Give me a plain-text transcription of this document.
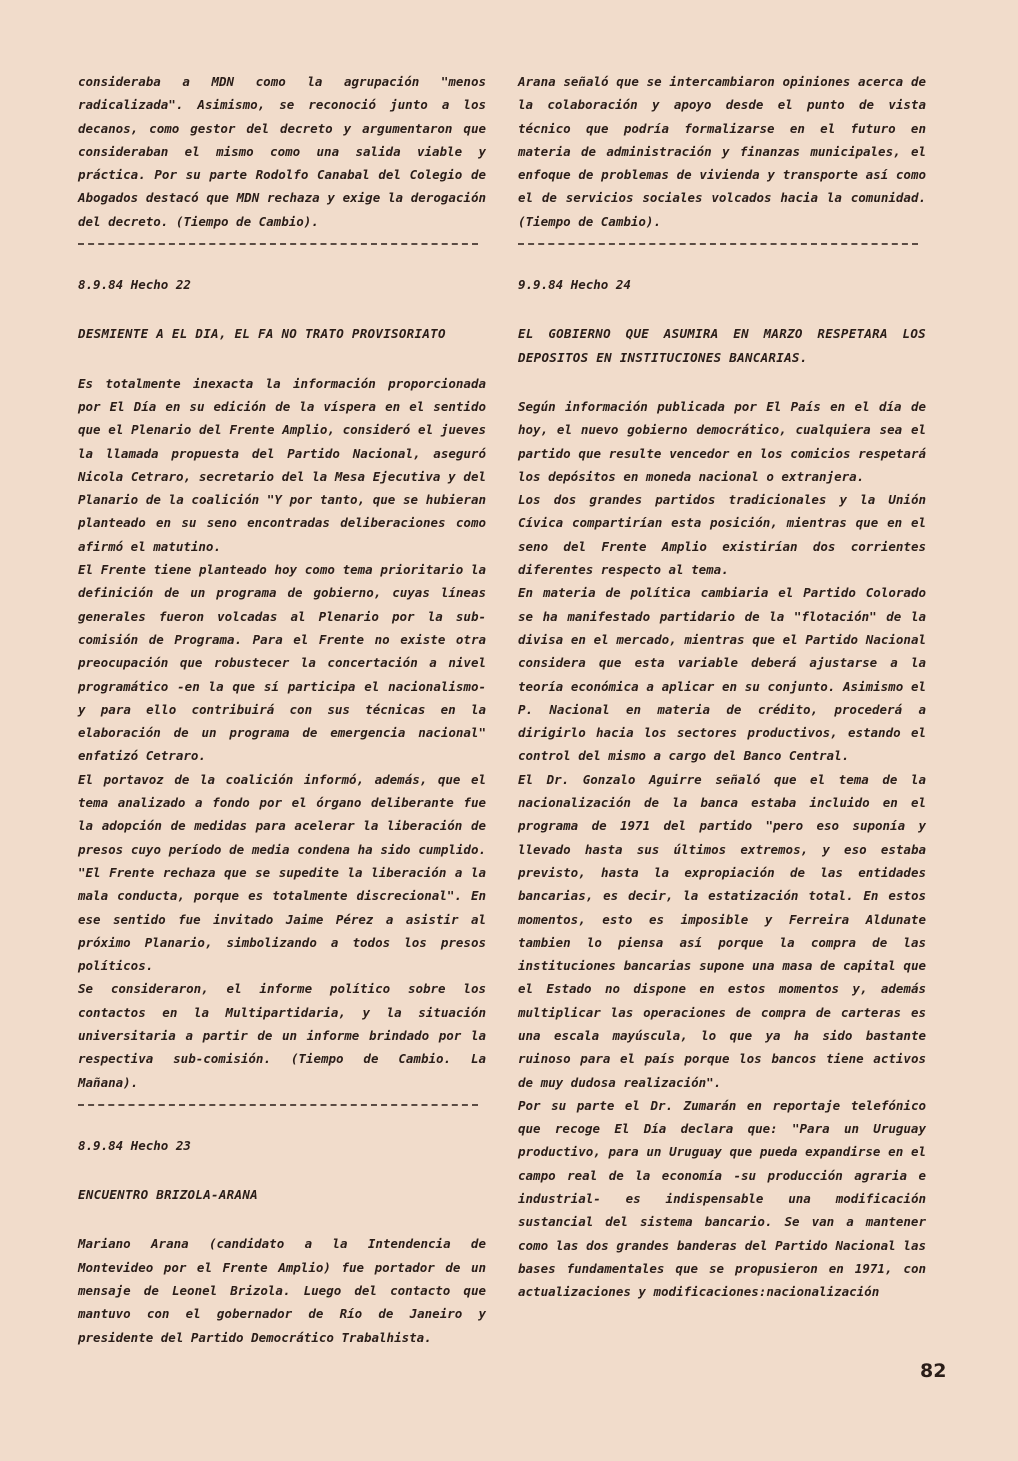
consideraba a MDN como la agrupación "menos radicalizada". Asimismo, se reconoció junto a los decanos, como gestor del decreto y argumentaron que consideraban el mismo como una salida viable y práctica. Por su parte Rodolfo Canabal del Colegio de Abogados destacó que MDN rechaza y exige la derogación del decreto. (Tiempo de Cambio).

8.9.84 Hecho 22
DESMIENTE A EL DIA, EL FA NO TRATO PROVISORIATO

Es totalmente inexacta la información proporcionada por El Día en su edición de la víspera en el sentido que el Plenario del Frente Amplio, consideró el jueves la llamada propuesta del Partido Nacional, aseguró Nicola Cetraro, secretario del la Mesa Ejecutiva y del Planario de la coalición "Y por tanto, que se hubieran planteado en su seno encontradas deliberaciones como afirmó el matutino.

El Frente tiene planteado hoy como tema prioritario la definición de un programa de gobierno, cuyas líneas generales fueron volcadas al Plenario por la sub-comisión de Programa. Para el Frente no existe otra preocupación que robustecer la concertación a nivel programático -en la que sí participa el nacionalismo- y para ello contribuirá con sus técnicas en la elaboración de un programa de emergencia nacional" enfatizó Cetraro.

El portavoz de la coalición informó, además, que el tema analizado a fondo por el órgano deliberante fue la adopción de medidas para acelerar la liberación de presos cuyo período de media condena ha sido cumplido. "El Frente rechaza que se supedite la liberación a la mala conducta, porque es totalmente discrecional". En ese sentido fue invitado Jaime Pérez a asistir al próximo Planario, simbolizando a todos los presos políticos.

Se consideraron, el informe político sobre los contactos en la Multipartidaria, y la situación universitaria a partir de un informe brindado por la respectiva sub-comisión. (Tiempo de Cambio. La Mañana).

8.9.84 Hecho 23
ENCUENTRO BRIZOLA-ARANA

Mariano Arana (candidato a la Intendencia de Montevideo por el Frente Amplio) fue portador de un mensaje de Leonel Brizola. Luego del contacto que mantuvo con el gobernador de Río de Janeiro y presidente del Partido Democrático Trabalhista.

Arana señaló que se intercambiaron opiniones acerca de la colaboración y apoyo desde el punto de vista técnico que podría formalizarse en el futuro en materia de administración y finanzas municipales, el enfoque de problemas de vivienda y transporte así como el de servicios sociales volcados hacia la comunidad. (Tiempo de Cambio).

9.9.84 Hecho 24
EL GOBIERNO QUE ASUMIRA EN MARZO RESPETARA LOS DEPOSITOS EN INSTITUCIONES BANCARIAS.

Según información publicada por El País en el día de hoy, el nuevo gobierno democrático, cualquiera sea el partido que resulte vencedor en los comicios respetará los depósitos en moneda nacional o extranjera.

Los dos grandes partidos tradicionales y la Unión Cívica compartirían esta posición, mientras que en el seno del Frente Amplio existirían dos corrientes diferentes respecto al tema.

En materia de política cambiaria el Partido Colorado se ha manifestado partidario de la "flotación" de la divisa en el mercado, mientras que el Partido Nacional considera que esta variable deberá ajustarse a la teoría económica a aplicar en su conjunto. Asimismo el P. Nacional en materia de crédito, procederá a dirigirlo hacia los sectores productivos, estando el control del mismo a cargo del Banco Central.

El Dr. Gonzalo Aguirre señaló que el tema de la nacionalización de la banca estaba incluido en el programa de 1971 del partido "pero eso suponía y llevado hasta sus últimos extremos, y eso estaba previsto, hasta la expropiación de las entidades bancarias, es decir, la estatización total. En estos momentos, esto es imposible y Ferreira Aldunate tambien lo piensa así porque la compra de las instituciones bancarias supone una masa de capital que el Estado no dispone en estos momentos y, además multiplicar las operaciones de compra de carteras es una escala mayúscula, lo que ya ha sido bastante ruinoso para el país porque los bancos tiene activos de muy dudosa realización".

Por su parte el Dr. Zumarán en reportaje telefónico que recoge El Día declara que: "Para un Uruguay productivo, para un Uruguay que pueda expandirse en el campo real de la economía -su producción agraria e industrial- es indispensable una modificación sustancial del sistema bancario. Se van a mantener como las dos grandes banderas del Partido Nacional las bases fundamentales que se propusieron en 1971, con actualizaciones y modificaciones:nacionalización

82
